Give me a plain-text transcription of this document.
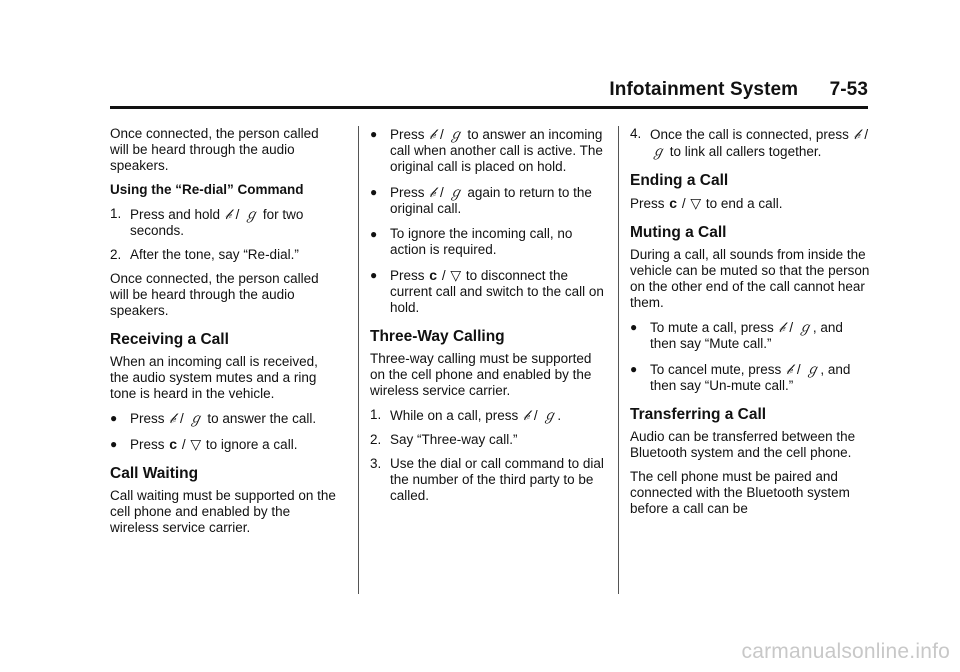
Infotainment System 7-53

Once connected, the person called will be heard through the audio speakers.

Using the “Re-dial” Command

1. Press and hold 𝒷 / ℊ for two seconds.
2. After the tone, say “Re-dial.”

Once connected, the person called will be heard through the audio speakers.

Receiving a Call

When an incoming call is received, the audio system mutes and a ring tone is heard in the vehicle.

● Press 𝒷 / ℊ to answer the call.
● Press c / ▽ to ignore a call.
Call Waiting

Call waiting must be supported on the cell phone and enabled by the wireless service carrier.

● Press 𝒷 / ℊ to answer an incoming call when another call is active. The original call is placed on hold.
● Press 𝒷 / ℊ again to return to the original call.
● To ignore the incoming call, no action is required.
● Press c / ▽ to disconnect the current call and switch to the call on hold.
Three-Way Calling

Three-way calling must be supported on the cell phone and enabled by the wireless service carrier.

1. While on a call, press 𝒷 / ℊ.
2. Say “Three-way call.”
3. Use the dial or call command to dial the number of the third party to be called.
4. Once the call is connected, press 𝒷 / ℊ to link all callers together.
Ending a Call

Press c / ▽ to end a call.

Muting a Call

During a call, all sounds from inside the vehicle can be muted so that the person on the other end of the call cannot hear them.

● To mute a call, press 𝒷 / ℊ, and then say “Mute call.”
● To cancel mute, press 𝒷 / ℊ, and then say “Un-mute call.”
Transferring a Call

Audio can be transferred between the Bluetooth system and the cell phone.

The cell phone must be paired and connected with the Bluetooth system before a call can be

carmanualsonline.info
